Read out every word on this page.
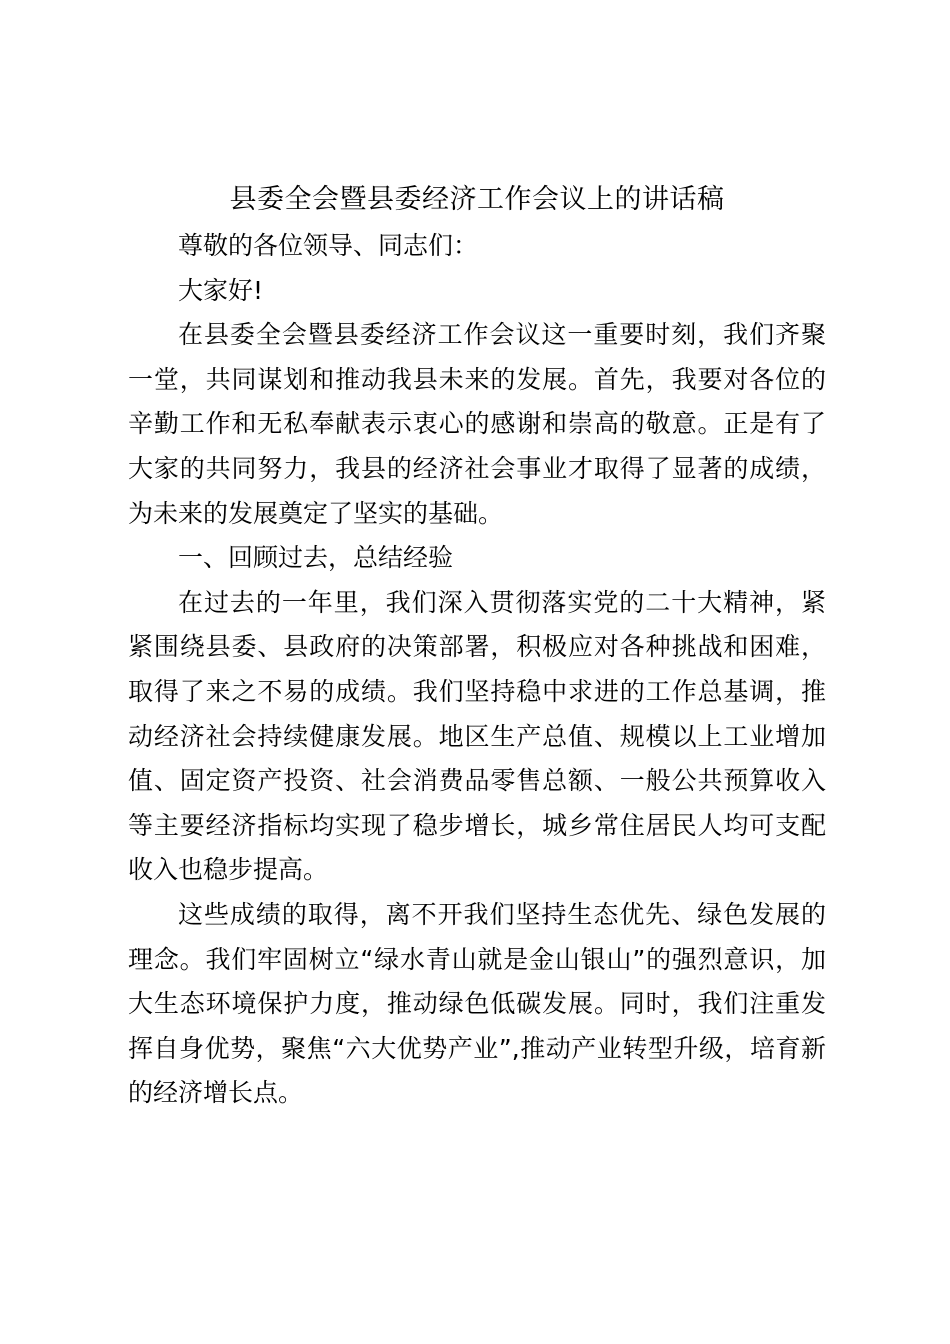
县委全会暨县委经济工作会议上的讲话稿

尊敬的各位领导、同志们：

大家好!

在县委全会暨县委经济工作会议这一重要时刻，我们齐聚一堂，共同谋划和推动我县未来的发展。首先，我要对各位的辛勤工作和无私奉献表示衷心的感谢和崇高的敬意。正是有了大家的共同努力，我县的经济社会事业才取得了显著的成绩，为未来的发展奠定了坚实的基础。

一、回顾过去，总结经验

在过去的一年里，我们深入贯彻落实党的二十大精神，紧紧围绕县委、县政府的决策部署，积极应对各种挑战和困难，取得了来之不易的成绩。我们坚持稳中求进的工作总基调，推动经济社会持续健康发展。地区生产总值、规模以上工业增加值、固定资产投资、社会消费品零售总额、一般公共预算收入等主要经济指标均实现了稳步增长，城乡常住居民人均可支配收入也稳步提高。

这些成绩的取得，离不开我们坚持生态优先、绿色发展的理念。我们牢固树立“绿水青山就是金山银山”的强烈意识，加大生态环境保护力度，推动绿色低碳发展。同时，我们注重发挥自身优势，聚焦“六大优势产业”,推动产业转型升级，培育新的经济增长点。
